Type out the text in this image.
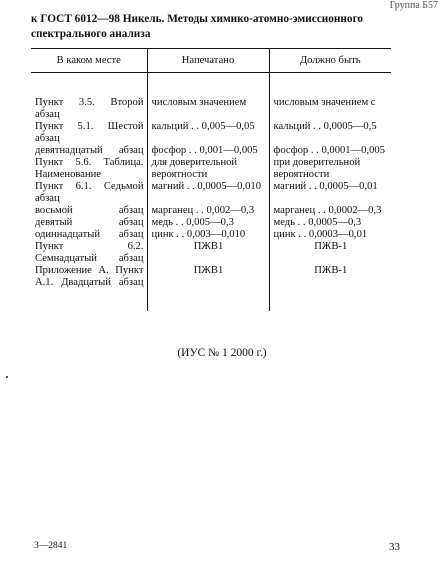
Группа Б57
к ГОСТ 6012—98 Никель. Методы химико-атомно-эмиссионного спектрального анализа
В каком месте	Напечатано	Должно быть
Пункт 3.5. Второй абзац	числовым значением	числовым значением с
Пункт 5.1. Шестой абзац	кальций . . 0,005—0,05	кальций . . 0,0005—0,5
девятнадцатый абзац	фосфор . . 0,001—0,005	фосфор . . 0,0001—0,005
Пункт 5.6. Таблица. Наименование	для доверительной вероятности	при доверительной вероятности
Пункт 6.1. Седьмой абзац	магний . . 0,0005—0,010	магний . . 0,0005—0,01
восьмой абзац	марганец . . 0,002—0,3	марганец . . 0,0002—0,3
девятый абзац	медь . . 0,005—0,3	медь . . 0,0005—0,3
одиннадцатый абзац	цинк . . 0,003—0,010	цинк . . 0,0003—0,01
Пункт 6.2. Семнадцатый абзац	ПЖВ1	ПЖВ-1
Приложение А. Пункт А.1. Двадцатый абзац	ПЖВ1	ПЖВ-1
(ИУС № 1 2000 г.)
3—2841	33
